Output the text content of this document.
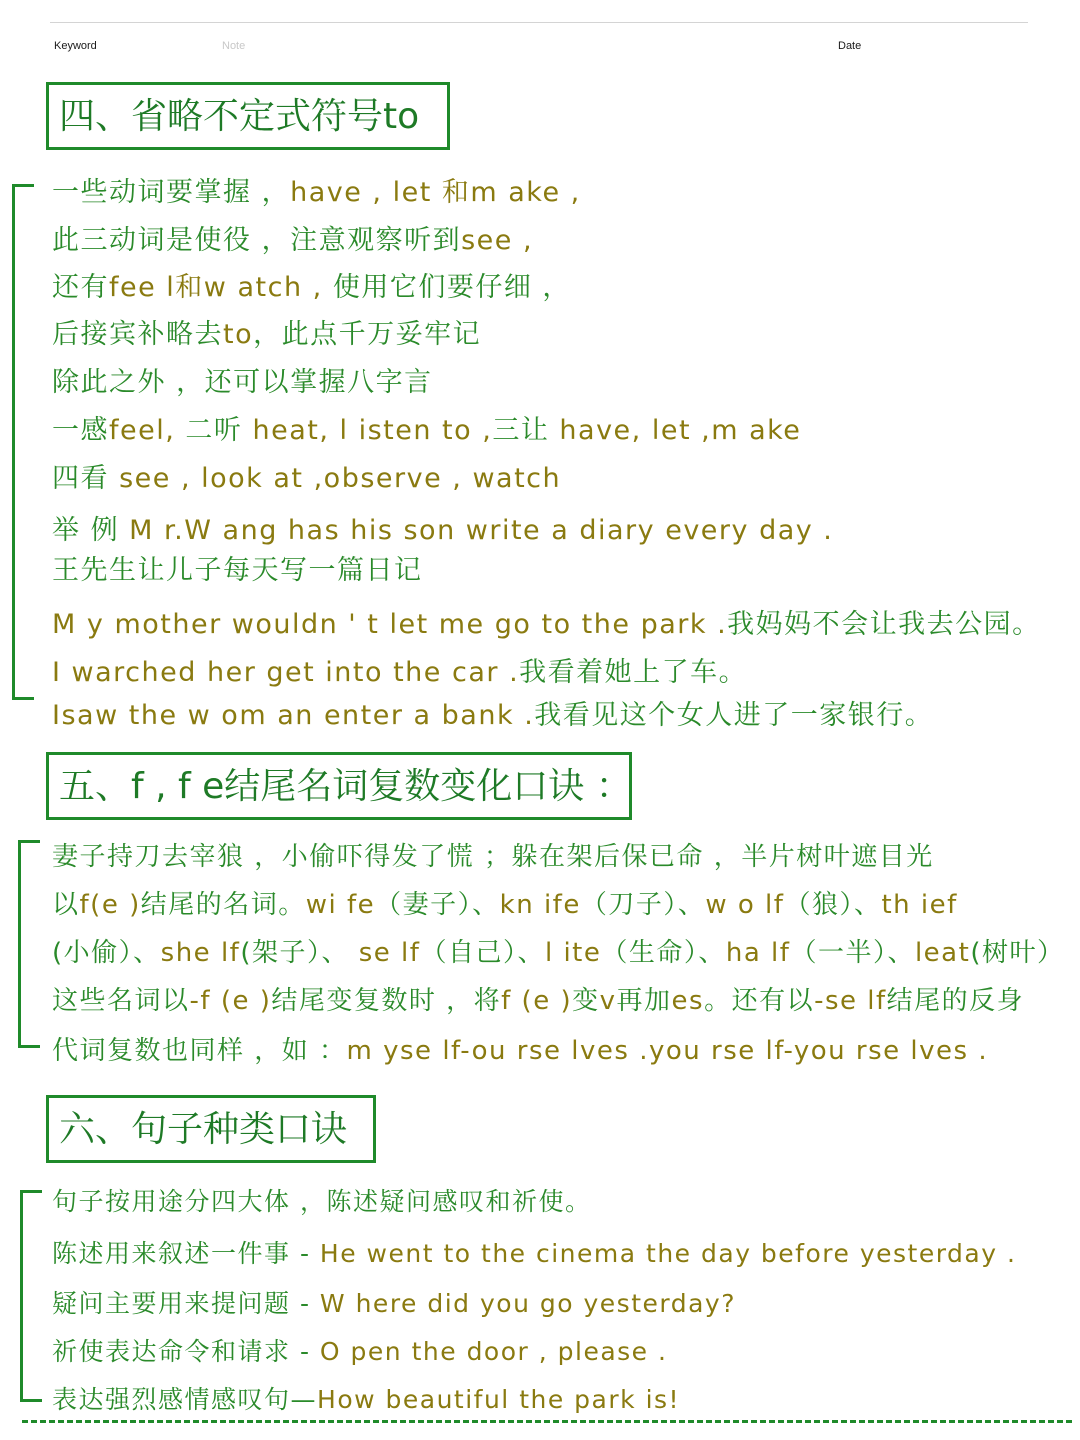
Keyword	Note	Date
四、省略不定式符号to
一些动词要掌握 ，have , let 和m ake ,
此三动词是使役 ，注意观察听到see ,
还有fee l和w atch , 使用它们要仔细 ，
后接宾补略去to，此点千万妥牢记
除此之外 ，还可以掌握八字言
一感feel, 二听 heat, l isten to ,三让 have, let ,m ake
四看 see , look at ,observe , watch
举 例 M r.W ang has his son write a diary every day .
王先生让儿子每天写一篇日记
M y mother wouldn ' t let me go to the park .我妈妈不会让我去公园。
I warched her get into the car .我看着她上了车。
Isaw the w om an enter a bank .我看见这个女人进了一家银行。
五、f , f e结尾名词复数变化口诀 ：
妻子持刀去宰狼 ，小偷吓得发了慌 ；躲在架后保已命 ，半片树叶遮目光
以f(e )结尾的名词。wi fe（妻子）、kn ife（刀子）、w o lf（狼）、th ief
(小偷）、she lf(架子）、 se lf（自己）、l ite（生命）、ha lf（一半）、leat(树叶）
这些名词以-f (e )结尾变复数时 ，将f (e )变v再加es。还有以-se lf结尾的反身
代词复数也同样 ，如 ：m yse lf-ou rse lves .you rse lf-you rse lves .
六、句子种类口诀
句子按用途分四大体 ，陈述疑问感叹和祈使。
陈述用来叙述一件事 - He went to the cinema the day before yesterday .
疑问主要用来提问题 - W here did you go yesterday?
祈使表达命令和请求 - O pen the door , please .
表达强烈感情感叹句—How beautiful the park is!
